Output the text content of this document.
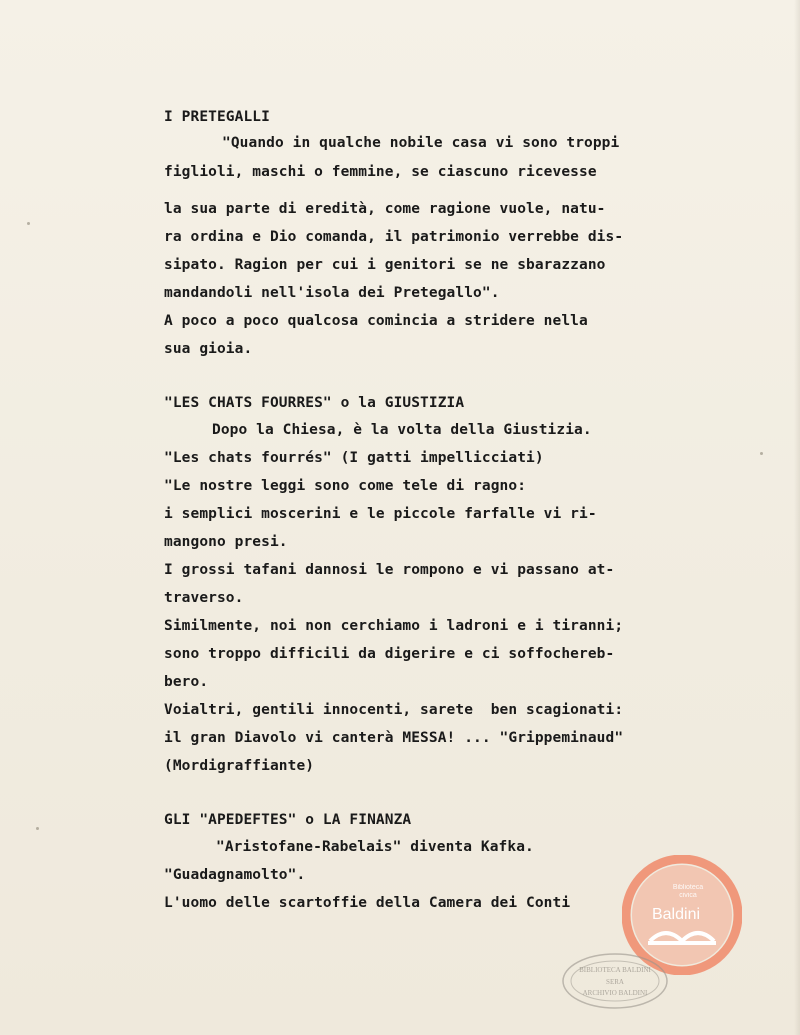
I PRETEGALLI

"Quando in qualche nobile casa vi sono troppi

figlioli, maschi o femmine, se ciascuno ricevesse

la sua parte di eredità, come ragione vuole, natu-

ra ordina e Dio comanda, il patrimonio verrebbe dis-

sipato. Ragion per cui i genitori se ne sbarazzano

mandandoli nell'isola dei Pretegallo".

A poco a poco qualcosa comincia a stridere nella

sua gioia.

"LES CHATS FOURRES" o la GIUSTIZIA

Dopo la Chiesa, è la volta della Giustizia.

"Les chats fourrés" (I gatti impellicciati)

"Le nostre leggi sono come tele di ragno:

i semplici moscerini e le piccole farfalle vi ri-

mangono presi.

I grossi tafani dannosi le rompono e vi passano at-

traverso.

Similmente, noi non cerchiamo i ladroni e i tiranni;

sono troppo difficili da digerire e ci soffochereb-

bero.

Voialtri, gentili innocenti, sarete  ben scagionati:

il gran Diavolo vi canterà MESSA! ... "Grippeminaud"

(Mordigraffiante)

GLI "APEDEFTES" o LA FINANZA

"Aristofane-Rabelais" diventa Kafka.

"Guadagnamolto".

L'uomo delle scartoffie della Camera dei Conti

Biblioteca
civica
Baldini
BIBLIOTECA BALDINI
SERA
ARCHIVIO BALDINI
